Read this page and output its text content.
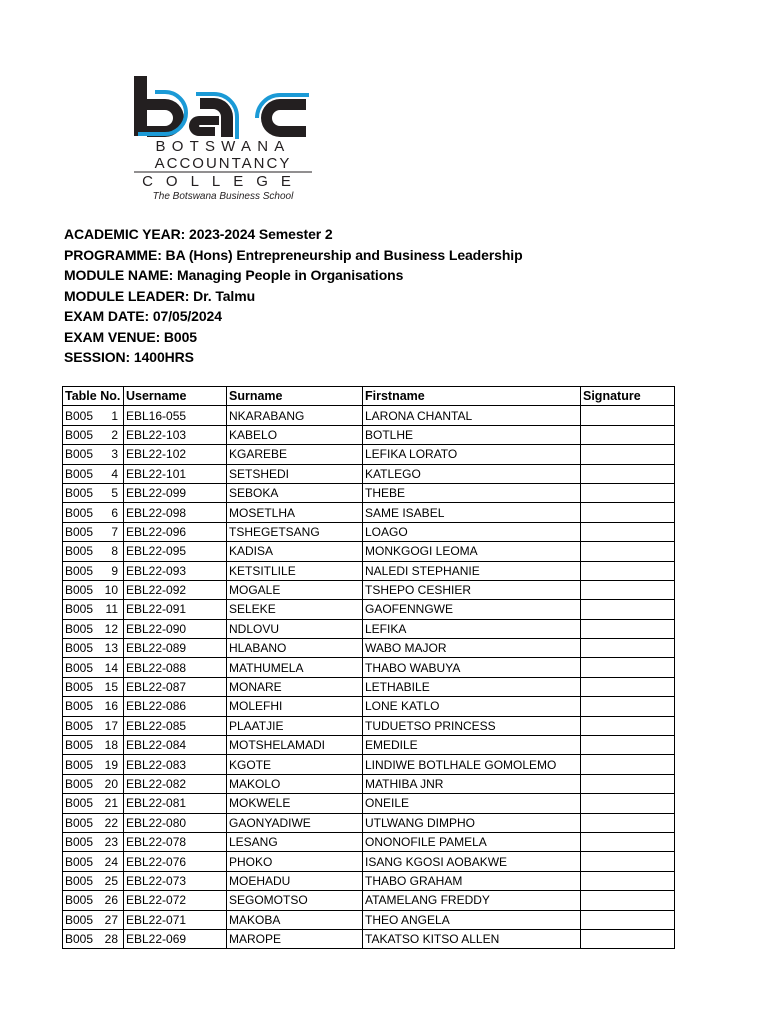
BOTSWANA
ACCOUNTANCY
COLLEGE
The Botswana Business School
ACADEMIC YEAR: 2023-2024 Semester 2
PROGRAMME: BA (Hons) Entrepreneurship and Business Leadership
MODULE NAME: Managing People in Organisations
MODULE LEADER: Dr. Talmu
EXAM DATE: 07/05/2024
EXAM VENUE: B005
SESSION: 1400HRS
Table No.	Username	Surname	Firstname	Signature

B005 1	EBL16-055	NKARABANG	LARONA CHANTAL	

B005 2	EBL22-103	KABELO	BOTLHE	

B005 3	EBL22-102	KGAREBE	LEFIKA LORATO	

B005 4	EBL22-101	SETSHEDI	KATLEGO	

B005 5	EBL22-099	SEBOKA	THEBE	

B005 6	EBL22-098	MOSETLHA	SAME ISABEL	

B005 7	EBL22-096	TSHEGETSANG	LOAGO	

B005 8	EBL22-095	KADISA	MONKGOGI LEOMA	

B005 9	EBL22-093	KETSITLILE	NALEDI STEPHANIE	

B005 10	EBL22-092	MOGALE	TSHEPO CESHIER	

B005 11	EBL22-091	SELEKE	GAOFENNGWE	

B005 12	EBL22-090	NDLOVU	LEFIKA	

B005 13	EBL22-089	HLABANO	WABO MAJOR	

B005 14	EBL22-088	MATHUMELA	THABO WABUYA	

B005 15	EBL22-087	MONARE	LETHABILE	

B005 16	EBL22-086	MOLEFHI	LONE KATLO	

B005 17	EBL22-085	PLAATJIE	TUDUETSO PRINCESS	

B005 18	EBL22-084	MOTSHELAMADI	EMEDILE	

B005 19	EBL22-083	KGOTE	LINDIWE BOTLHALE GOMOLEMO	

B005 20	EBL22-082	MAKOLO	MATHIBA JNR	

B005 21	EBL22-081	MOKWELE	ONEILE	

B005 22	EBL22-080	GAONYADIWE	UTLWANG DIMPHO	

B005 23	EBL22-078	LESANG	ONONOFILE PAMELA	

B005 24	EBL22-076	PHOKO	ISANG KGOSI AOBAKWE	

B005 25	EBL22-073	MOEHADU	THABO GRAHAM	

B005 26	EBL22-072	SEGOMOTSO	ATAMELANG FREDDY	

B005 27	EBL22-071	MAKOBA	THEO ANGELA	

B005 28	EBL22-069	MAROPE	TAKATSO KITSO ALLEN	
